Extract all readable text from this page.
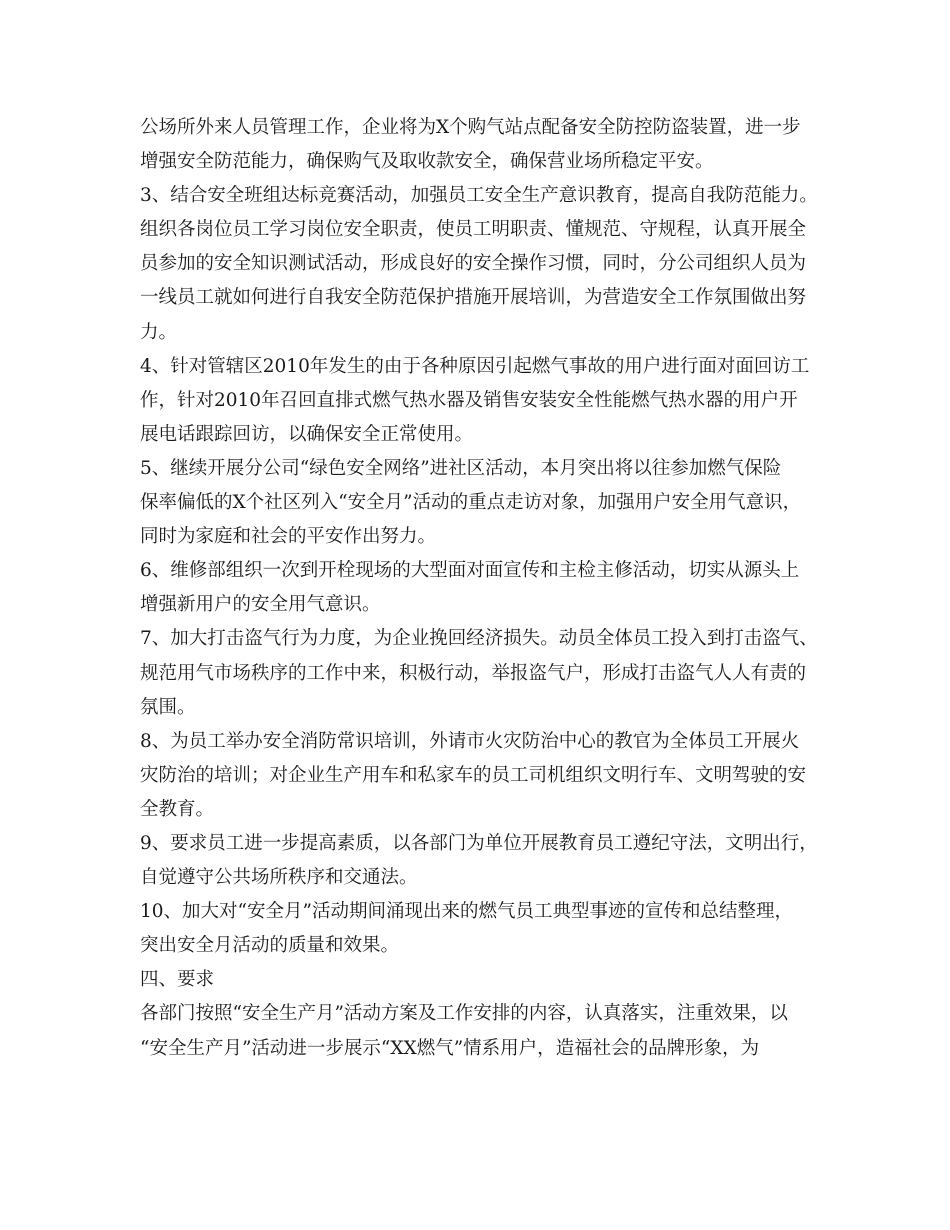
公场所外来人员管理工作，企业将为X个购气站点配备安全防控防盗装置，进一步
增强安全防范能力，确保购气及取收款安全，确保营业场所稳定平安。
3、结合安全班组达标竞赛活动，加强员工安全生产意识教育，提高自我防范能力。
组织各岗位员工学习岗位安全职责，使员工明职责、懂规范、守规程，认真开展全
员参加的安全知识测试活动，形成良好的安全操作习惯，同时，分公司组织人员为
一线员工就如何进行自我安全防范保护措施开展培训，为营造安全工作氛围做出努
力。
4、针对管辖区2010年发生的由于各种原因引起燃气事故的用户进行面对面回访工
作，针对2010年召回直排式燃气热水器及销售安装安全性能燃气热水器的用户开
展电话跟踪回访，以确保安全正常使用。
5、继续开展分公司“绿色安全网络”进社区活动，本月突出将以往参加燃气保险
保率偏低的X个社区列入“安全月”活动的重点走访对象，加强用户安全用气意识，
同时为家庭和社会的平安作出努力。
6、维修部组织一次到开栓现场的大型面对面宣传和主检主修活动，切实从源头上
增强新用户的安全用气意识。
7、加大打击盗气行为力度，为企业挽回经济损失。动员全体员工投入到打击盗气、
规范用气市场秩序的工作中来，积极行动，举报盗气户，形成打击盗气人人有责的
氛围。
8、为员工举办安全消防常识培训，外请市火灾防治中心的教官为全体员工开展火
灾防治的培训；对企业生产用车和私家车的员工司机组织文明行车、文明驾驶的安
全教育。
9、要求员工进一步提高素质，以各部门为单位开展教育员工遵纪守法，文明出行，
自觉遵守公共场所秩序和交通法。
10、加大对“安全月”活动期间涌现出来的燃气员工典型事迹的宣传和总结整理，
突出安全月活动的质量和效果。
四、要求
各部门按照“安全生产月”活动方案及工作安排的内容，认真落实，注重效果，以
“安全生产月”活动进一步展示“XX燃气”情系用户，造福社会的品牌形象，为
